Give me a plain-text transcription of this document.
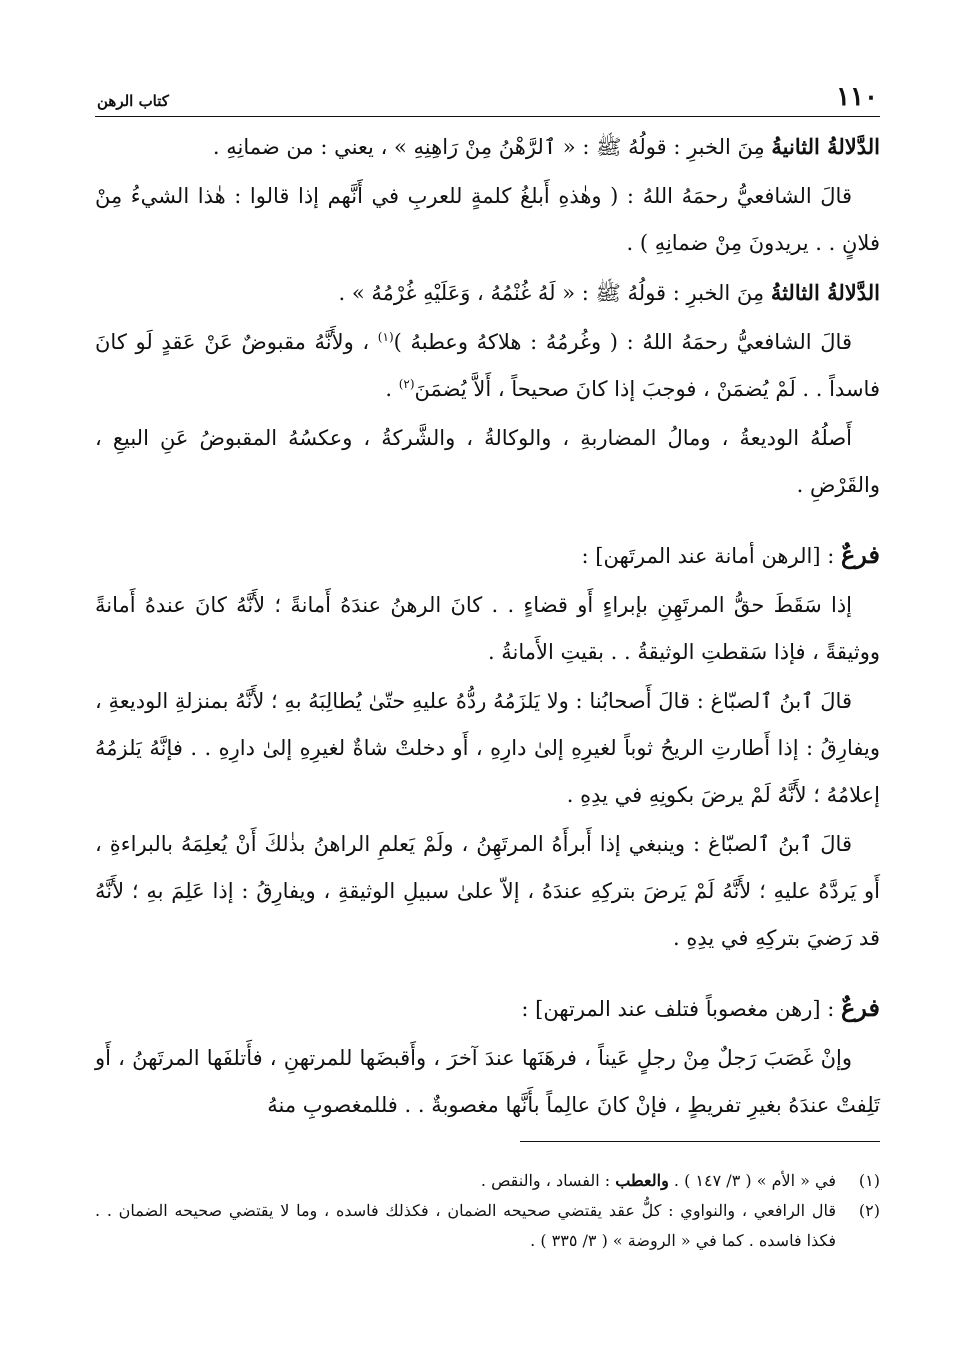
١١٠
كتاب الرهن

الدَّلالةُ الثانيةُ مِنَ الخبرِ : قولُهُ ﷺ : « ٱلرَّهْنُ مِنْ رَاهِنِهِ » ، يعني : من ضمانِهِ .

قالَ الشافعيُّ رحمَهُ اللهُ : ( وهٰذهِ أَبلغُ كلمةٍ للعربِ في أَنَّهم إذا قالوا : هٰذا الشيءُ مِنْ فلانٍ . . يريدونَ مِنْ ضمانِهِ ) .

الدَّلالةُ الثالثةُ مِنَ الخبرِ : قولُهُ ﷺ : « لَهُ غُنْمُهُ ، وَعَلَيْهِ غُرْمُهُ » .

قالَ الشافعيُّ رحمَهُ اللهُ : ( وغُرمُهُ : هلاكهُ وعطبهُ )$^{(١)}$ ، ولأَنَّهُ مقبوضٌ عَنْ عَقدٍ لَو كانَ فاسداً . . لَمْ يُضمَنْ ، فوجبَ إذا كانَ صحيحاً ، أَلاَّ يُضمَنَ$^{(٢)}$ .

أَصلُهُ الوديعةُ ، ومالُ المضاربةِ ، والوكالةُ ، والشَّركةُ ، وعكسُهُ المقبوضُ عَنِ البيعِ ، والقَرْضِ .

فرعٌ : [الرهن أمانة عند المرتَهن] :

إذا سَقَطَ حقُّ المرتَهِنِ بإبراءٍ أَو قضاءٍ . . كانَ الرهنُ عندَهُ أَمانةً ؛ لأَنَّهُ كانَ عندهُ أَمانةً ووثيقةً ، فإذا سَقطتِ الوثيقةُ . . بقيتِ الأَمانةُ .

قالَ ٱبنُ ٱلصبّاغ : قالَ أَصحابُنا : ولا يَلزَمُهُ ردُّهُ عليهِ حتّىٰ يُطالِبَهُ بهِ ؛ لأَنَّهُ بمنزلةِ الوديعةِ ، ويفارِقُ : إذا أَطارتِ الريحُ ثوباً لغيرِهِ إلىٰ دارِهِ ، أَو دخلتْ شاةٌ لغيرِهِ إلىٰ دارِهِ . . فإنَّهُ يَلزمُهُ إعلامُهُ ؛ لأَنَّهُ لَمْ يرضَ بكونِهِ في يدِهِ .

قالَ ٱبنُ ٱلصبّاغ : وينبغي إذا أَبرأَهُ المرتَهِنُ ، ولَمْ يَعلمِ الراهنُ بذٰلكَ أَنْ يُعلِمَهُ بالبراءةِ ، أَو يَردَّهُ عليهِ ؛ لأَنَّهُ لَمْ يَرضَ بتركِهِ عندَهُ ، إلاّ علىٰ سبيلِ الوثيقةِ ، ويفارِقُ : إذا عَلِمَ بهِ ؛ لأَنَّهُ قد رَضيَ بتركِهِ في يدِهِ .

فرعٌ : [رهن مغصوباً فتلف عند المرتهن] :

وإنْ غَصَبَ رَجلٌ مِنْ رجلٍ عَيناً ، فرهَنَها عندَ آخرَ ، وأَقبضَها للمرتهنِ ، فأَتلفَها المرتَهنُ ، أَو تَلِفتْ عندَهُ بغيرِ تفريطٍ ، فإنْ كانَ عالِماً بأَنَّها مغصوبةٌ . . فللمغصوبِ منهُ

(١)
في « الأم » ( ٣/ ١٤٧ ) . والعطب : الفساد ، والنقص .
(٢)
قال الرافعي ، والنواوي : كلُّ عقد يقتضي صحيحه الضمان ، فكذلك فاسده ، وما لا يقتضي صحيحه الضمان . . فكذا فاسده . كما في « الروضة » ( ٣/ ٣٣٥ ) .
